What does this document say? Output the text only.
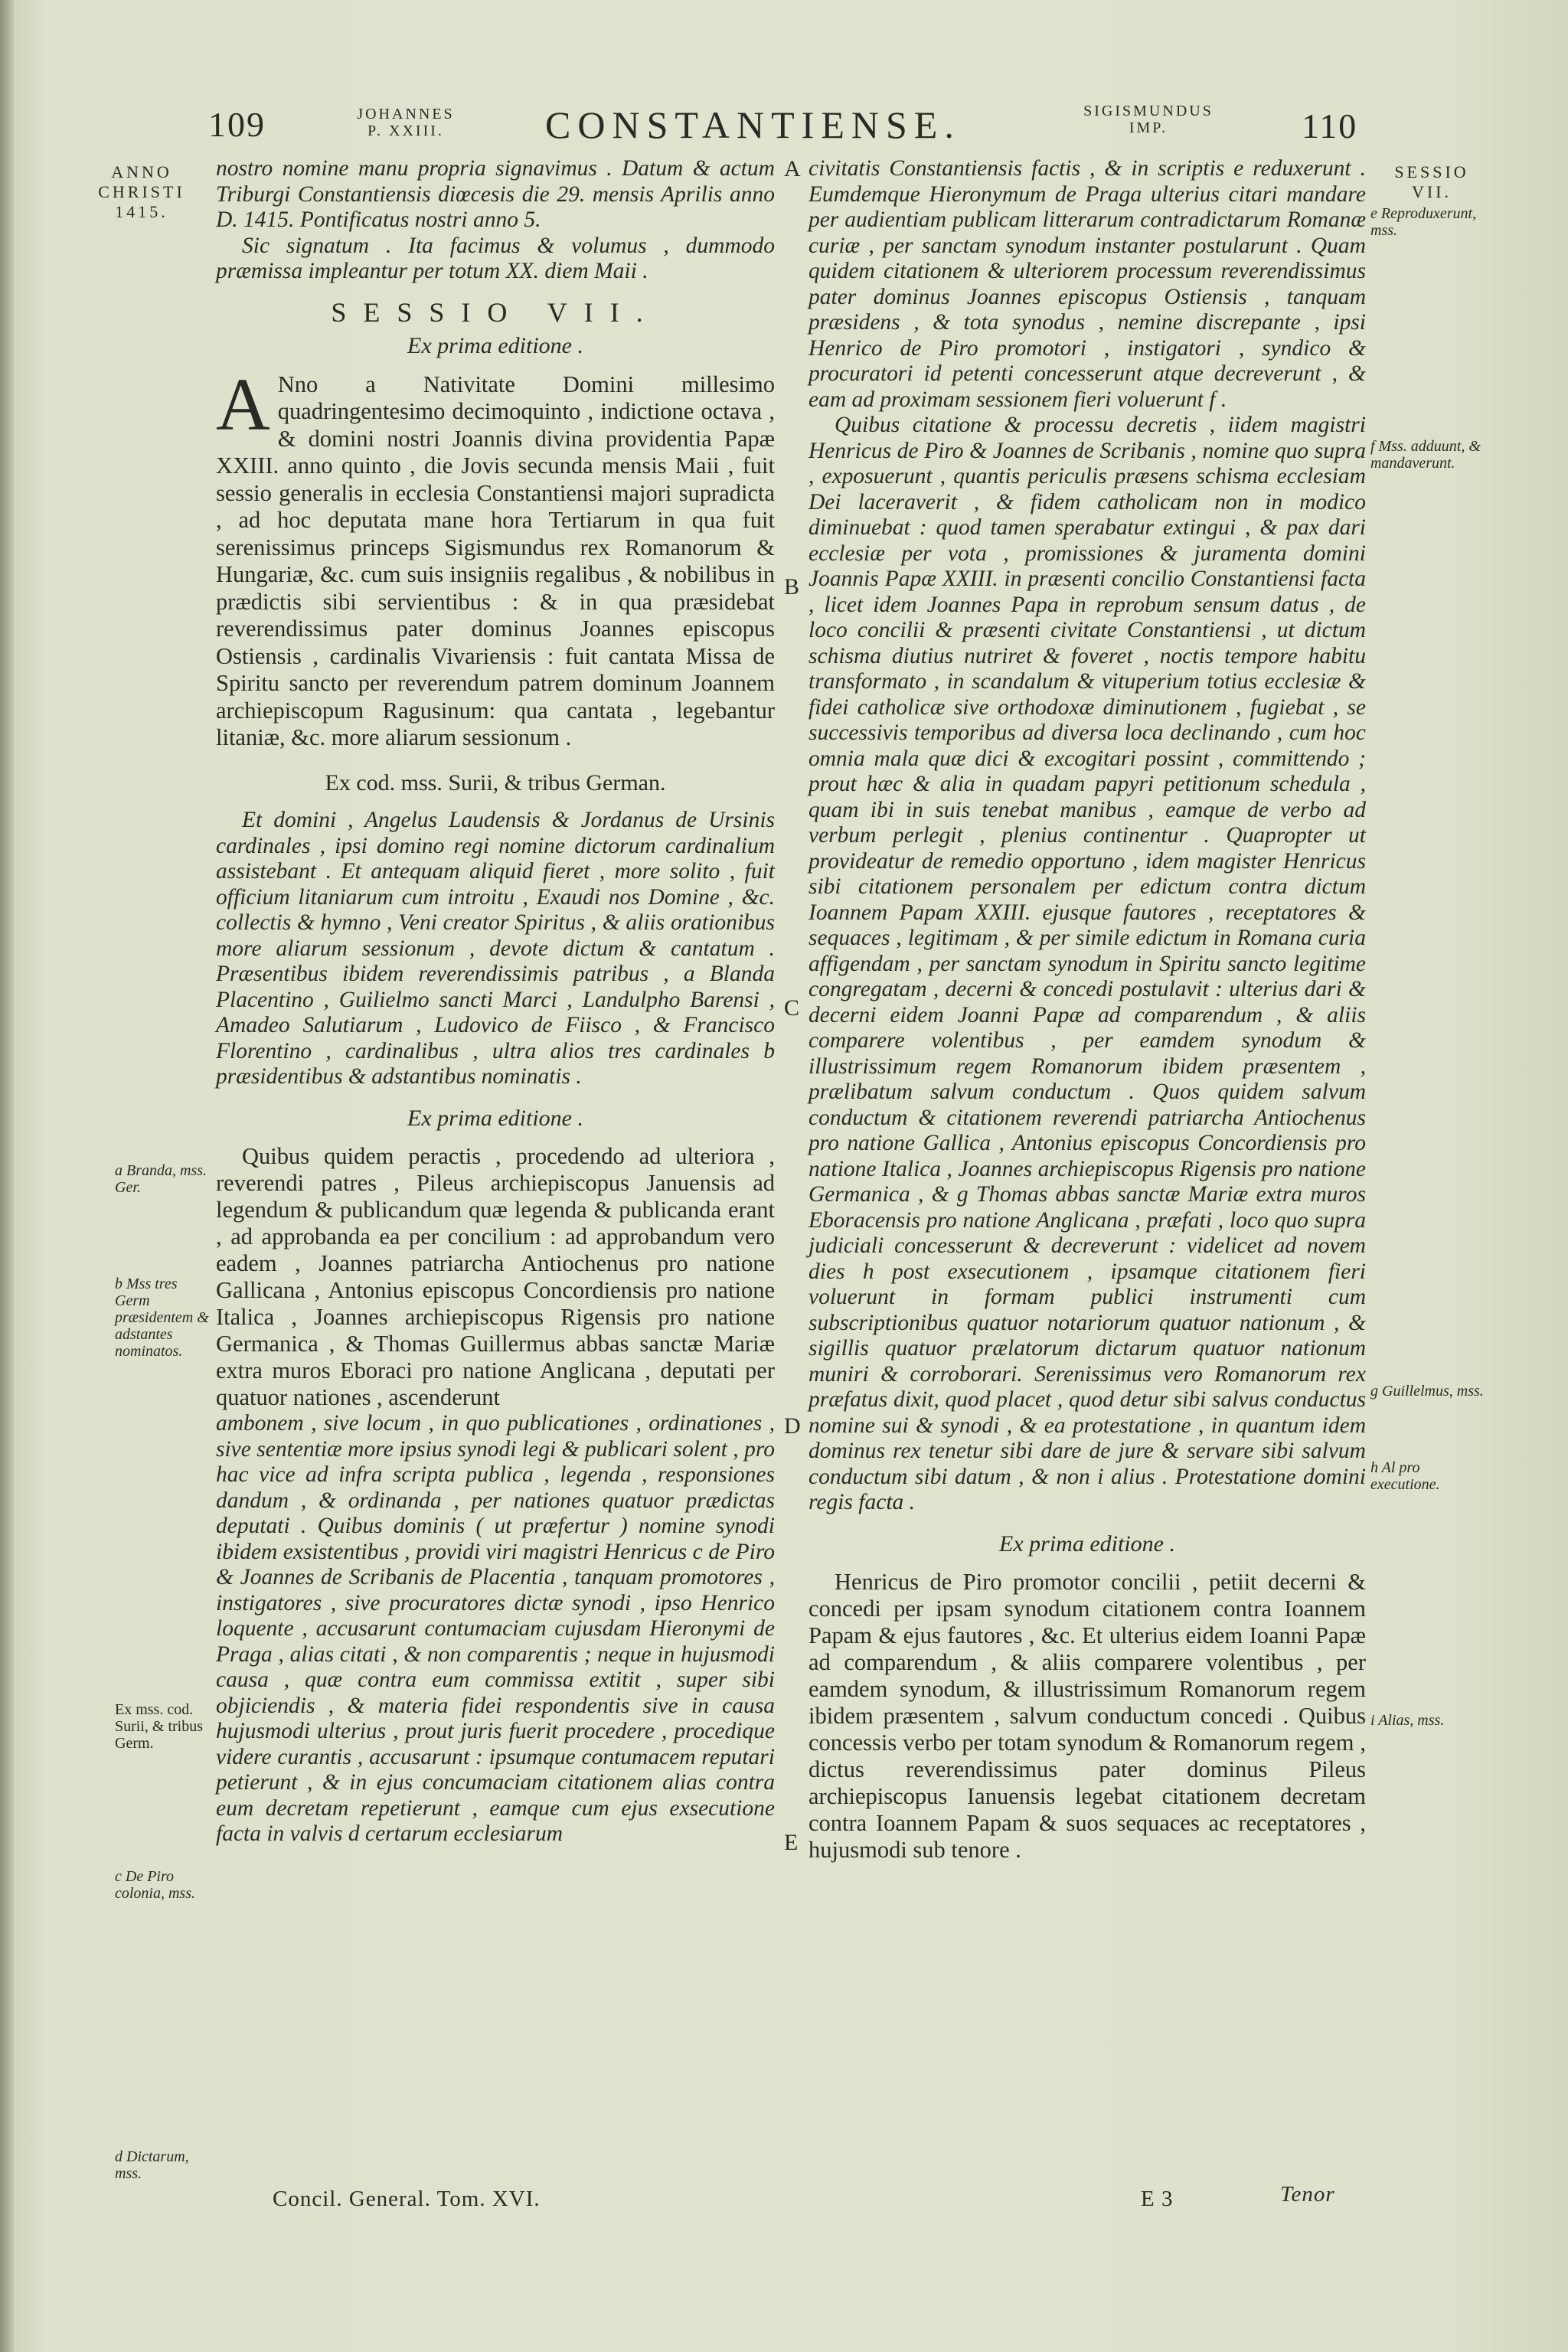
109	JOHANNES
P. XXIII.	CONSTANTIENSE.	SIGISMUNDUS
IMP.	110
ANNO
CHRISTI
1415.
SESSIO
VII.
a Branda, mss. Ger.
b Mss tres Germ præsidentem & adstantes nominatos.
Ex mss. cod. Surii, & tribus Germ.
c De Piro colonia, mss.
d Dictarum, mss.
e Reproduxerunt, mss.
f Mss. adduunt, & mandaverunt.
g Guillelmus, mss.
h Al pro executione.
i Alias, mss.
A
B
C
D
E

nostro nomine manu propria signavimus . Datum & actum Triburgi Constantiensis diœcesis die 29. mensis Aprilis anno D. 1415. Pontificatus nostri anno 5.

Sic signatum . Ita facimus & volumus , dummodo præmissa impleantur per totum XX. diem Maii .

SESSIO VII.
Ex prima editione .

A Nno a Nativitate Domini millesimo quadringentesimo decimoquinto , indictione octava , & domini nostri Joannis divina providentia Papæ XXIII. anno quinto , die Jovis secunda mensis Maii , fuit sessio generalis in ecclesia Constantiensi majori supradicta , ad hoc deputata mane hora Tertiarum in qua fuit serenissimus princeps Sigismundus rex Romanorum & Hungariæ, &c. cum suis insigniis regalibus , & nobilibus in prædictis sibi servientibus : & in qua præsidebat reverendissimus pater dominus Joannes episcopus Ostiensis , cardinalis Vivariensis : fuit cantata Missa de Spiritu sancto per reverendum patrem dominum Joannem archiepiscopum Ragusinum: qua cantata , legebantur litaniæ, &c. more aliarum sessionum .

Ex cod. mss. Surii, & tribus German.

Et domini , Angelus Laudensis & Jordanus de Ursinis cardinales , ipsi domino regi nomine dictorum cardinalium assistebant . Et antequam aliquid fieret , more solito , fuit officium litaniarum cum introitu , Exaudi nos Domine , &c. collectis & hymno , Veni creator Spiritus , & aliis orationibus more aliarum sessionum , devote dictum & cantatum . Præsentibus ibidem reverendissimis patribus , a Blanda Placentino , Guilielmo sancti Marci , Landulpho Barensi , Amadeo Salutiarum , Ludovico de Fiisco , & Francisco Florentino , cardinalibus , ultra alios tres cardinales b præsidentibus & adstantibus nominatis .

Ex prima editione .

Quibus quidem peractis , procedendo ad ulteriora , reverendi patres , Pileus archiepiscopus Januensis ad legendum & publicandum quæ legenda & publicanda erant , ad approbanda ea per concilium : ad approbandum vero eadem , Joannes patriarcha Antiochenus pro natione Gallicana , Antonius episcopus Concordiensis pro natione Italica , Joannes archiepiscopus Rigensis pro natione Germanica , & Thomas Guillermus abbas sanctæ Mariæ extra muros Eboraci pro natione Anglicana , deputati per quatuor nationes , ascenderunt

ambonem , sive locum , in quo publicationes , ordinationes , sive sententiæ more ipsius synodi legi & publicari solent , pro hac vice ad infra scripta publica , legenda , responsiones dandum , & ordinanda , per nationes quatuor prædictas deputati . Quibus dominis ( ut præfertur ) nomine synodi ibidem exsistentibus , providi viri magistri Henricus c de Piro & Joannes de Scribanis de Placentia , tanquam promotores , instigatores , sive procuratores dictæ synodi , ipso Henrico loquente , accusarunt contumaciam cujusdam Hieronymi de Praga , alias citati , & non comparentis ; neque in hujusmodi causa , quæ contra eum commissa extitit , super sibi objiciendis , & materia fidei respondentis sive in causa hujusmodi ulterius , prout juris fuerit procedere , procedique videre curantis , accusarunt : ipsumque contumacem reputari petierunt , & in ejus concumaciam citationem alias contra eum decretam repetierunt , eamque cum ejus exsecutione facta in valvis d certarum ecclesiarum

Concil. General. Tom. XVI.

civitatis Constantiensis factis , & in scriptis e reduxerunt . Eumdemque Hieronymum de Praga ulterius citari mandare per audientiam publicam litterarum contradictarum Romanæ curiæ , per sanctam synodum instanter postularunt . Quam quidem citationem & ulteriorem processum reverendissimus pater dominus Joannes episcopus Ostiensis , tanquam præsidens , & tota synodus , nemine discrepante , ipsi Henrico de Piro promotori , instigatori , syndico & procuratori id petenti concesserunt atque decreverunt , & eam ad proximam sessionem fieri voluerunt f .

Quibus citatione & processu decretis , iidem magistri Henricus de Piro & Joannes de Scribanis , nomine quo supra , exposuerunt , quantis periculis præsens schisma ecclesiam Dei laceraverit , & fidem catholicam non in modico diminuebat : quod tamen sperabatur extingui , & pax dari ecclesiæ per vota , promissiones & juramenta domini Joannis Papæ XXIII. in præsenti concilio Constantiensi facta , licet idem Joannes Papa in reprobum sensum datus , de loco concilii & præsenti civitate Constantiensi , ut dictum schisma diutius nutriret & foveret , noctis tempore habitu transformato , in scandalum & vituperium totius ecclesiæ & fidei catholicæ sive orthodoxæ diminutionem , fugiebat , se successivis temporibus ad diversa loca declinando , cum hoc omnia mala quæ dici & excogitari possint , committendo ; prout hæc & alia in quadam papyri petitionum schedula , quam ibi in suis tenebat manibus , eamque de verbo ad verbum perlegit , plenius continentur . Quapropter ut provideatur de remedio opportuno , idem magister Henricus sibi citationem personalem per edictum contra dictum Ioannem Papam XXIII. ejusque fautores , receptatores & sequaces , legitimam , & per simile edictum in Romana curia affigendam , per sanctam synodum in Spiritu sancto legitime congregatam , decerni & concedi postulavit : ulterius dari & decerni eidem Joanni Papæ ad comparendum , & aliis comparere volentibus , per eamdem synodum & illustrissimum regem Romanorum ibidem præsentem , prælibatum salvum conductum . Quos quidem salvum conductum & citationem reverendi patriarcha Antiochenus pro natione Gallica , Antonius episcopus Concordiensis pro natione Italica , Joannes archiepiscopus Rigensis pro natione Germanica , & g Thomas abbas sanctæ Mariæ extra muros Eboracensis pro natione Anglicana , præfati , loco quo supra judiciali concesserunt & decreverunt : videlicet ad novem dies h post exsecutionem , ipsamque citationem fieri voluerunt in formam publici instrumenti cum subscriptionibus quatuor notariorum quatuor nationum , & sigillis quatuor prælatorum dictarum quatuor nationum muniri & corroborari. Serenissimus vero Romanorum rex præfatus dixit, quod placet , quod detur sibi salvus conductus nomine sui & synodi , & ea protestatione , in quantum idem dominus rex tenetur sibi dare de jure & servare sibi salvum conductum sibi datum , & non i alius . Protestatione domini regis facta .

Ex prima editione .

Henricus de Piro promotor concilii , petiit decerni & concedi per ipsam synodum citationem contra Ioannem Papam & ejus fautores , &c. Et ulterius eidem Ioanni Papæ ad comparendum , & aliis comparere volentibus , per eamdem synodum, & illustrissimum Romanorum regem ibidem præsentem , salvum conductum concedi . Quibus concessis verbo per totam synodum & Romanorum regem , dictus reverendissimus pater dominus Pileus archiepiscopus Ianuensis legebat citationem decretam contra Ioannem Papam & suos sequaces ac receptatores , hujusmodi sub tenore .

E 3	Tenor
